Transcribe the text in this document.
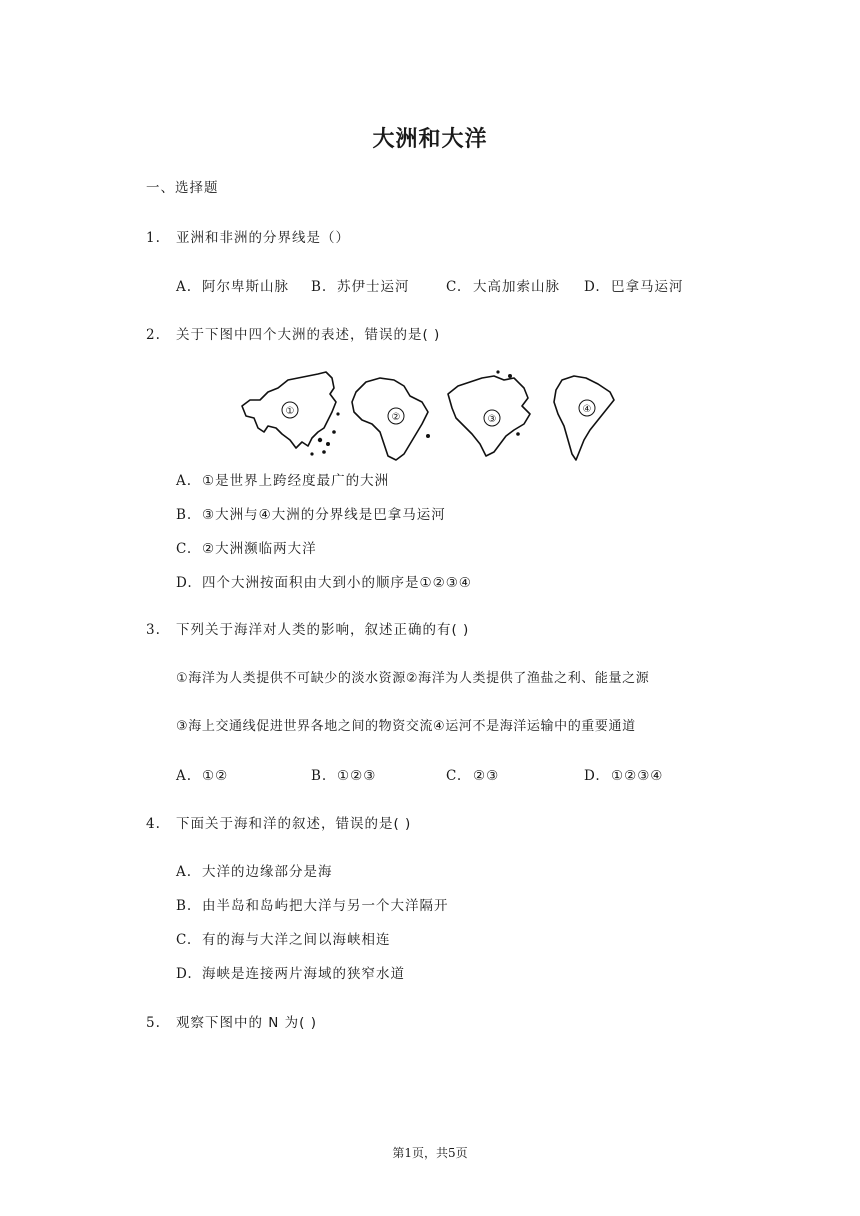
大洲和大洋
一、选择题
1. 亚洲和非洲的分界线是（）
A. 阿尔卑斯山脉 B. 苏伊士运河	C. 大高加索山脉 D. 巴拿马运河
2. 关于下图中四个大洲的表述，错误的是( )
①
②	③
④
A. ①是世界上跨经度最广的大洲
B. ③大洲与④大洲的分界线是巴拿马运河
C. ②大洲濒临两大洋
D. 四个大洲按面积由大到小的顺序是①②③④
3. 下列关于海洋对人类的影响，叙述正确的有( )
①海洋为人类提供不可缺少的淡水资源②海洋为人类提供了渔盐之利、能量之源
③海上交通线促进世界各地之间的物资交流④运河不是海洋运输中的重要通道
A. ①②	B. ①②③	C. ②③	D. ①②③④
4. 下面关于海和洋的叙述，错误的是( )
A. 大洋的边缘部分是海
B. 由半岛和岛屿把大洋与另一个大洋隔开
C. 有的海与大洋之间以海峡相连
D. 海峡是连接两片海域的狭窄水道
5. 观察下图中的 N 为( )
第1页，共5页
